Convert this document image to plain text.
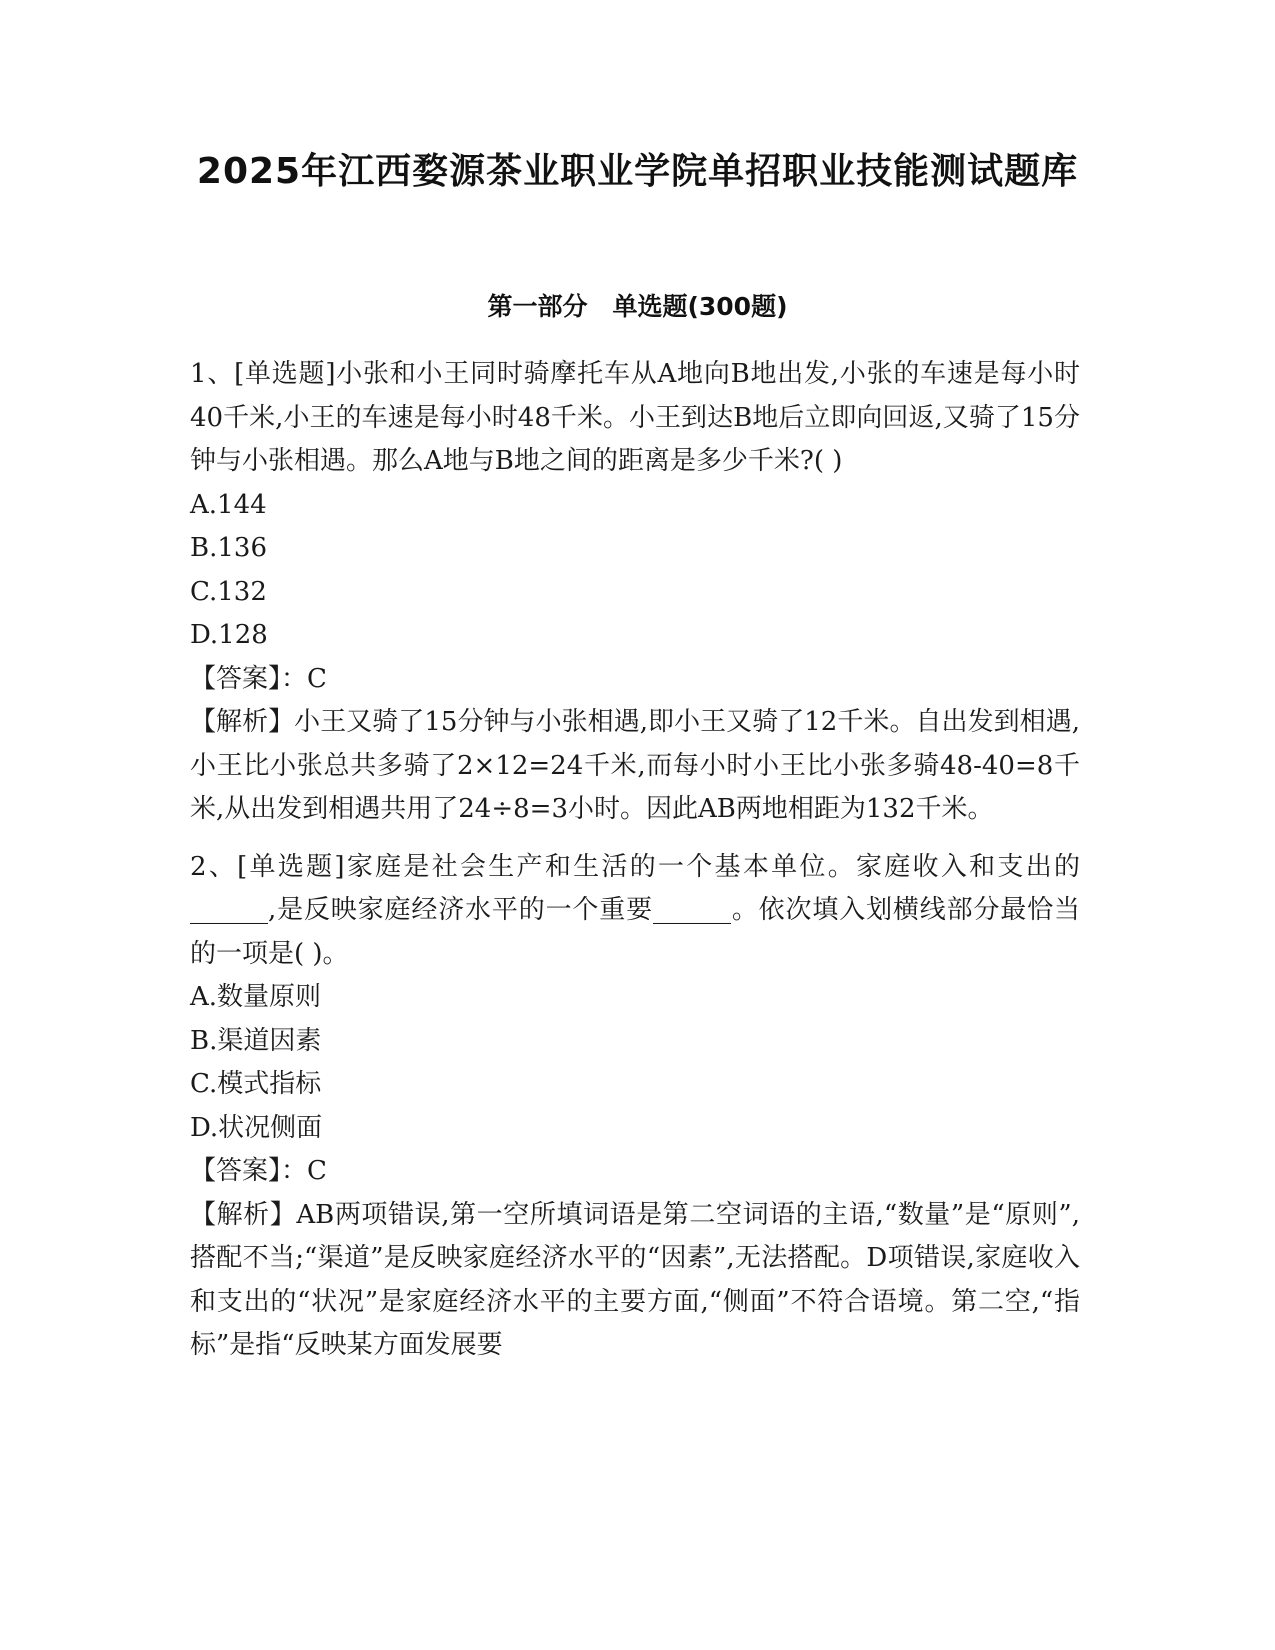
2025年江西婺源茶业职业学院单招职业技能测试题库
第一部分　单选题(300题)

1、[单选题]小张和小王同时骑摩托车从A地向B地出发,小张的车速是每小时40千米,小王的车速是每小时48千米。小王到达B地后立即向回返,又骑了15分钟与小张相遇。那么A地与B地之间的距离是多少千米?( )

A.144

B.136

C.132

D.128

【答案】：C

【解析】小王又骑了15分钟与小张相遇,即小王又骑了12千米。自出发到相遇,小王比小张总共多骑了2×12=24千米,而每小时小王比小张多骑48-40=8千米,从出发到相遇共用了24÷8=3小时。因此AB两地相距为132千米。

2、[单选题]家庭是社会生产和生活的一个基本单位。家庭收入和支出的______,是反映家庭经济水平的一个重要______。依次填入划横线部分最恰当的一项是( )。

A.数量原则

B.渠道因素

C.模式指标

D.状况侧面

【答案】：C

【解析】AB两项错误,第一空所填词语是第二空词语的主语,“数量”是“原则”,搭配不当;“渠道”是反映家庭经济水平的“因素”,无法搭配。D项错误,家庭收入和支出的“状况”是家庭经济水平的主要方面,“侧面”不符合语境。第二空,“指标”是指“反映某方面发展要
